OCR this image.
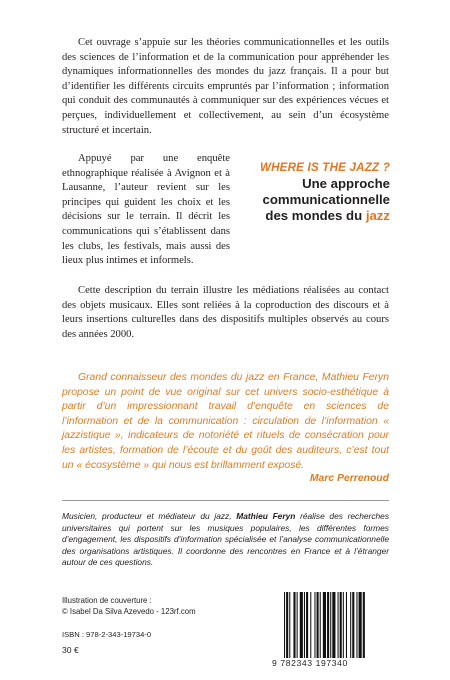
Cet ouvrage s’appuie sur les théories communicationnelles et les outils des sciences de l’information et de la communication pour appréhender les dynamiques informationnelles des mondes du jazz français. Il a pour but d’identifier les différents circuits empruntés par l’information ; information qui conduit des communautés à communiquer sur des expériences vécues et perçues, individuellement et collectivement, au sein d’un écosystème structuré et incertain.

Appuyé par une enquête ethnographique réalisée à Avignon et à Lausanne, l’auteur revient sur les principes qui guident les choix et les décisions sur le terrain. Il décrit les communications qui s’établissent dans les clubs, les festivals, mais aussi des lieux plus intimes et informels.

WHERE IS THE JAZZ ?
Une approche
communicationnelle
des mondes du jazz

Cette description du terrain illustre les médiations réalisées au contact des objets musicaux. Elles sont reliées à la coproduction des discours et à leurs insertions culturelles dans des dispositifs multiples observés au cours des années 2000.

Grand connaisseur des mondes du jazz en France, Mathieu Feryn propose un point de vue original sur cet univers socio-esthétique à partir d’un impressionnant travail d’enquête en sciences de l’information et de la communication : circulation de l’information « jazzistique », indicateurs de notoriété et rituels de consécration pour les artistes, formation de l’écoute et du goût des auditeurs, c’est tout un « écosystème » qui nous est brillamment exposé.

Marc Perrenoud

Musicien, producteur et médiateur du jazz, Mathieu Feryn réalise des recherches universitaires qui portent sur les musiques populaires, les différentes formes d’engagement, les dispositifs d’information spécialisée et l’analyse communicationnelle des organisations artistiques. Il coordonne des rencontres en France et à l’étranger autour de ces questions.

Illustration de couverture :
© Isabel Da Silva Azevedo - 123rf.com
ISBN : 978-2-343-19734-0
30 €
9 782343 197340
